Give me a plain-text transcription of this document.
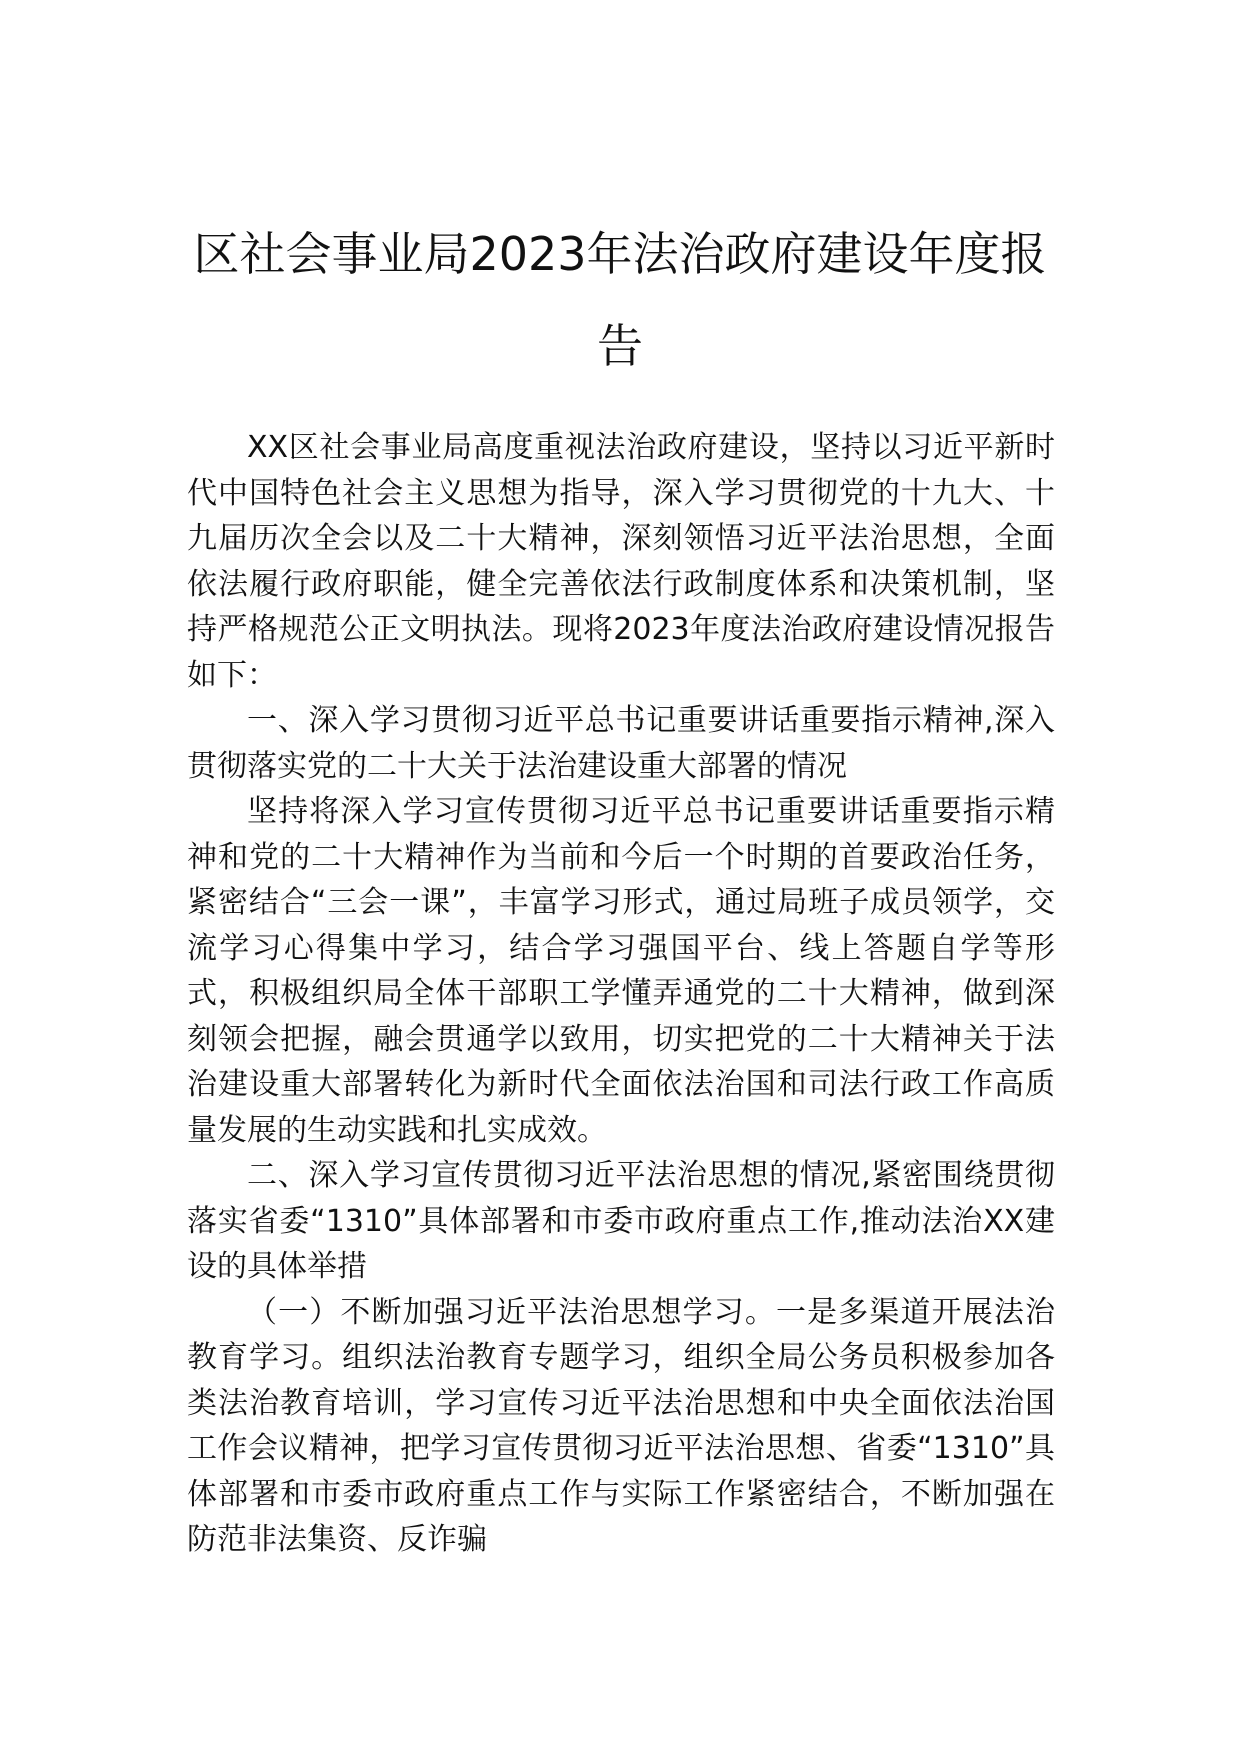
区社会事业局2023年法治政府建设年度报
告

XX区社会事业局高度重视法治政府建设，坚持以习近平新时代中国特色社会主义思想为指导，深入学习贯彻党的十九大、十九届历次全会以及二十大精神，深刻领悟习近平法治思想，全面依法履行政府职能，健全完善依法行政制度体系和决策机制，坚持严格规范公正文明执法。现将2023年度法治政府建设情况报告如下：

一、深入学习贯彻习近平总书记重要讲话重要指示精神,深入贯彻落实党的二十大关于法治建设重大部署的情况

坚持将深入学习宣传贯彻习近平总书记重要讲话重要指示精神和党的二十大精神作为当前和今后一个时期的首要政治任务，紧密结合“三会一课”，丰富学习形式，通过局班子成员领学，交流学习心得集中学习，结合学习强国平台、线上答题自学等形式，积极组织局全体干部职工学懂弄通党的二十大精神，做到深刻领会把握，融会贯通学以致用，切实把党的二十大精神关于法治建设重大部署转化为新时代全面依法治国和司法行政工作高质量发展的生动实践和扎实成效。

二、深入学习宣传贯彻习近平法治思想的情况,紧密围绕贯彻落实省委“1310”具体部署和市委市政府重点工作,推动法治XX建设的具体举措

（一）不断加强习近平法治思想学习。一是多渠道开展法治教育学习。组织法治教育专题学习，组织全局公务员积极参加各类法治教育培训，学习宣传习近平法治思想和中央全面依法治国工作会议精神，把学习宣传贯彻习近平法治思想、省委“1310”具体部署和市委市政府重点工作与实际工作紧密结合，不断加强在防范非法集资、反诈骗
